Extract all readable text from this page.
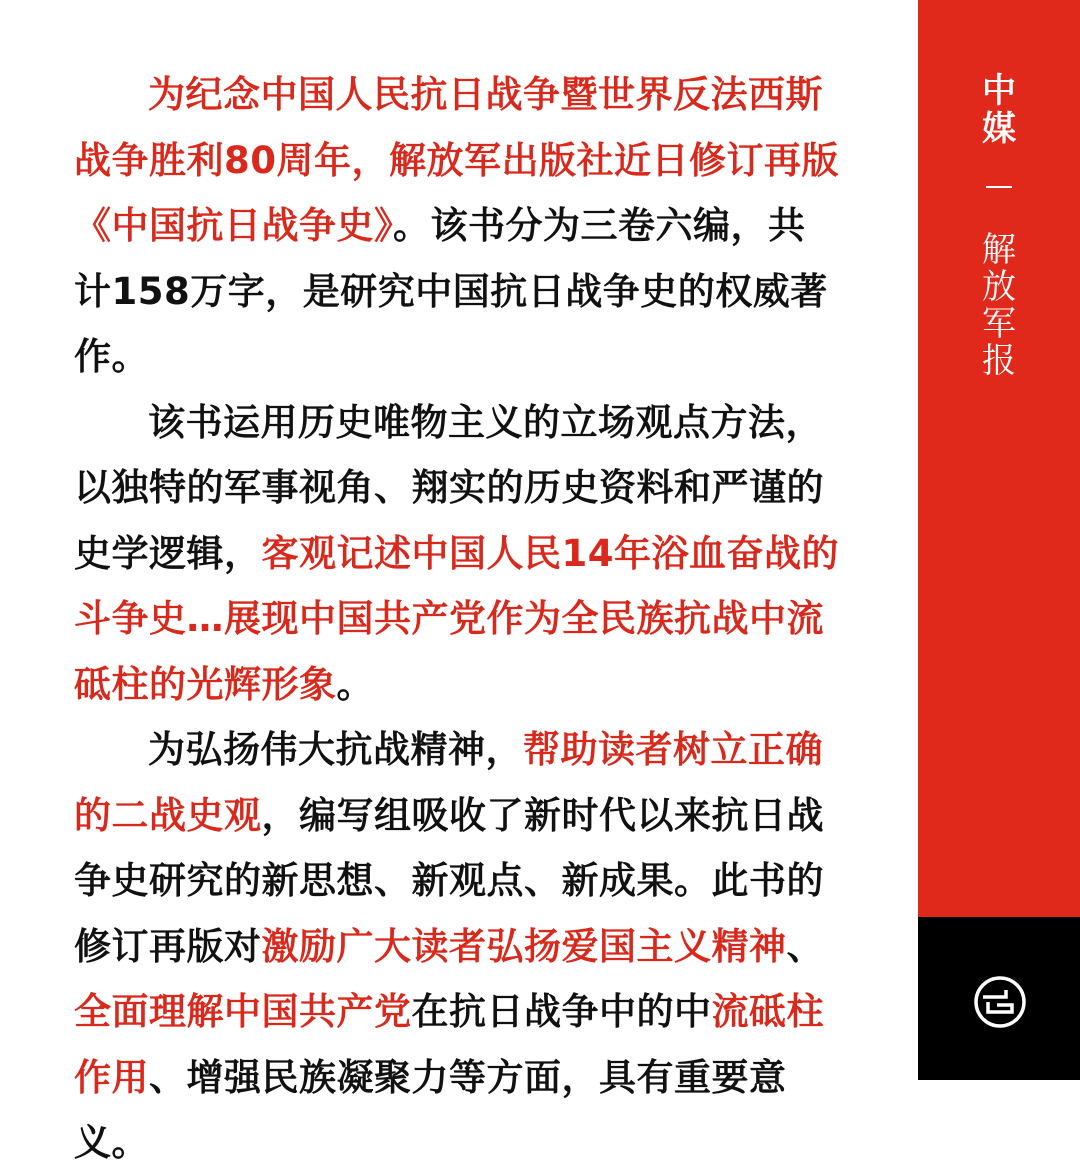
为纪念中国人民抗日战争暨世界反法西斯战争胜利80周年，解放军出版社近日修订再版《中国抗日战争史》。该书分为三卷六编，共计158万字，是研究中国抗日战争史的权威著作。

该书运用历史唯物主义的立场观点方法，以独特的军事视角、翔实的历史资料和严谨的史学逻辑，客观记述中国人民14年浴血奋战的斗争史…展现中国共产党作为全民族抗战中流砥柱的光辉形象。

为弘扬伟大抗战精神，帮助读者树立正确的二战史观，编写组吸收了新时代以来抗日战争史研究的新思想、新观点、新成果。此书的修订再版对激励广大读者弘扬爱国主义精神、全面理解中国共产党在抗日战争中的中流砥柱作用、增强民族凝聚力等方面，具有重要意义。

中
媒
解
放
军
报
